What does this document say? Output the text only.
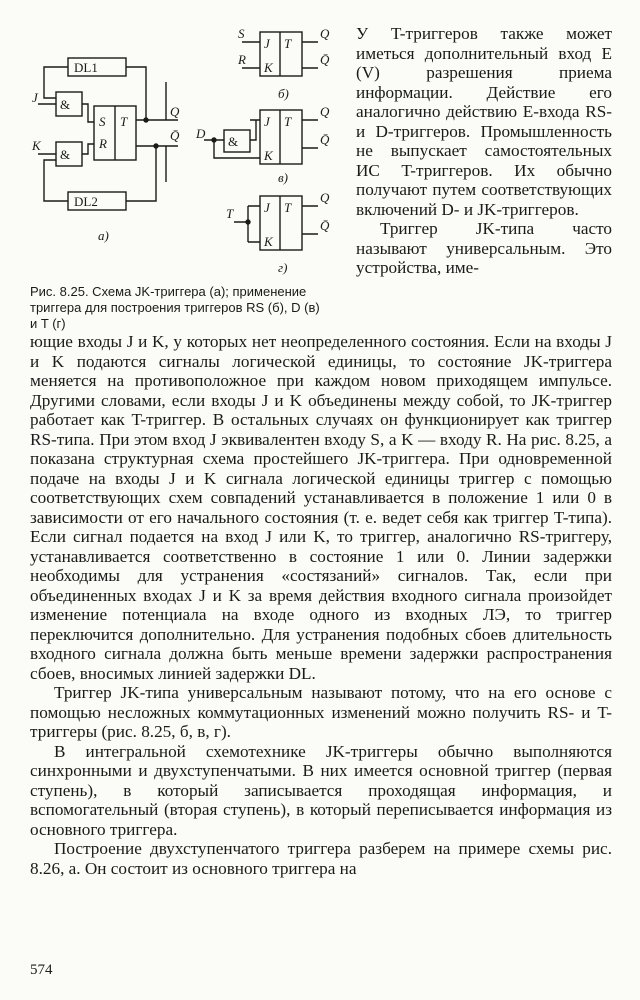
DL1
DL2
J
K
&
&
S
R
T
Q
Q̄
a)
S
R
J
K
T
Q
Q̄
б)
D
&
J
K
T
Q
Q̄
в)
T J
K
T
Q
Q̄
г)
Рис. 8.25. Схема JK-триггера (а); применение триггера для построения триггеров RS (б), D (в) и T (г)

У T-триггеров также может иметься дополнительный вход E (V) разрешения приема информации. Действие его аналогично действию E-входа RS- и D-триггеров. Промышленность не выпускает самостоятельных ИС T-триггеров. Их обычно получают путем соответствующих включений D- и JK-триггеров.

Триггер JK-типа часто называют универсальным. Это устройства, име-

ющие входы J и K, у которых нет неопределенного состояния. Если на входы J и K подаются сигналы логической единицы, то состояние JK-триггера меняется на противоположное при каждом новом приходящем импульсе. Другими словами, если входы J и K объединены между собой, то JK-триггер работает как T-триггер. В остальных случаях он функционирует как триггер RS-типа. При этом вход J эквивалентен входу S, а K — входу R. На рис. 8.25, а показана структурная схема простейшего JK-триггера. При одновременной подаче на входы J и K сигнала логической единицы триггер с помощью соответствующих схем совпадений устанавливается в положение 1 или 0 в зависимости от его начального состояния (т. е. ведет себя как триггер T-типа). Если сигнал подается на вход J или K, то триггер, аналогично RS-триггеру, устанавливается соответственно в состояние 1 или 0. Линии задержки необходимы для устранения «состязаний» сигналов. Так, если при объединенных входах J и K за время действия входного сигнала произойдет изменение потенциала на входе одного из входных ЛЭ, то триггер переключится дополнительно. Для устранения подобных сбоев длительность входного сигнала должна быть меньше времени задержки распространения сбоев, вносимых линией задержки DL.

Триггер JK-типа универсальным называют потому, что на его основе с помощью несложных коммутационных изменений можно получить RS- и T-триггеры (рис. 8.25, б, в, г).

В интегральной схемотехнике JK-триггеры обычно выполняются синхронными и двухступенчатыми. В них имеется основной триггер (первая ступень), в который записывается проходящая информация, и вспомогательный (вторая ступень), в который переписывается информация из основного триггера.

Построение двухступенчатого триггера разберем на примере схемы рис. 8.26, а. Он состоит из основного триггера на

574
